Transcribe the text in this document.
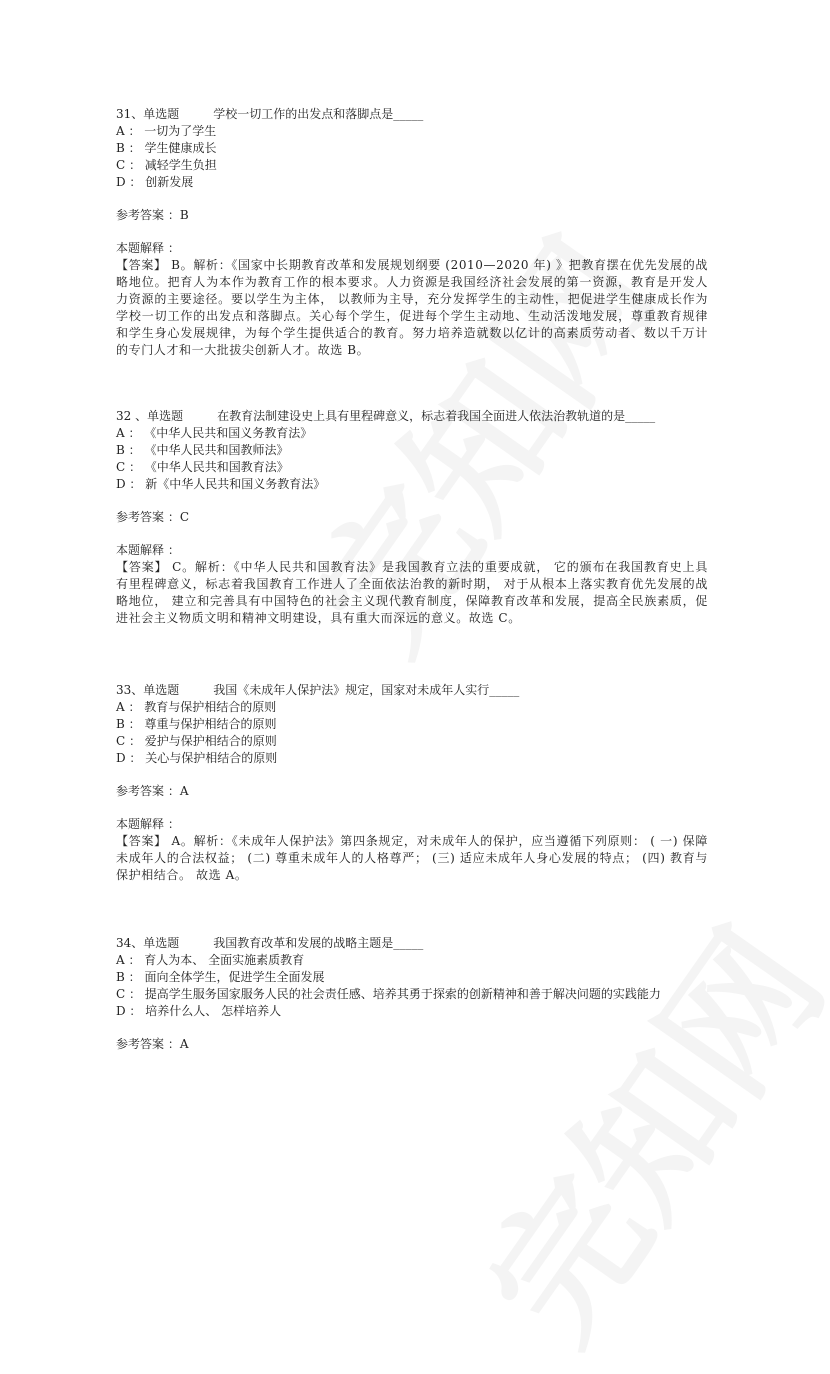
31、单选题	学校一切工作的出发点和落脚点是_____
A ： 一切为了学生
B ： 学生健康成长
C ： 减轻学生负担
D ： 创新发展
参考答案 ：B
本题解释 ：
【答案】 B。解析：《国家中长期教育改革和发展规划纲要 (2010—2020 年) 》把教育摆在优先发展的战略地位。把育人为本作为教育工作的根本要求。人力资源是我国经济社会发展的第一资源，教育是开发人力资源的主要途径。要以学生为主体， 以教师为主导，充分发挥学生的主动性，把促进学生健康成长作为学校一切工作的出发点和落脚点。关心每个学生，促进每个学生主动地、生动活泼地发展，尊重教育规律和学生身心发展规律，为每个学生提供适合的教育。努力培养造就数以亿计的高素质劳动者、数以千万计的专门人才和一大批拔尖创新人才。故选 B。
32 、单选题	在教育法制建设史上具有里程碑意义，标志着我国全面进人依法治教轨道的是_____
A ： 《中华人民共和国义务教育法》
B ： 《中华人民共和国教师法》
C ： 《中华人民共和国教育法》
D ： 新《中华人民共和国义务教育法》
参考答案 ：C
本题解释 ：
【答案】 C。解析：《中华人民共和国教育法》是我国教育立法的重要成就， 它的颁布在我国教育史上具有里程碑意义，标志着我国教育工作进人了全面依法治教的新时期， 对于从根本上落实教育优先发展的战略地位， 建立和完善具有中国特色的社会主义现代教育制度，保障教育改革和发展，提高全民族素质，促进社会主义物质文明和精神文明建设，具有重大而深远的意义。故选 C。
33、单选题	我国《未成年人保护法》规定，国家对未成年人实行_____
A ： 教育与保护相结合的原则
B ： 尊重与保护相结合的原则
C ： 爱护与保护相结合的原则
D ： 关心与保护相结合的原则
参考答案 ：A
本题解释 ：
【答案】 A。解析：《未成年人保护法》第四条规定，对未成年人的保护，应当遵循下列原则： ( 一) 保障未成年人的合法权益； (二) 尊重未成年人的人格尊严； (三) 适应未成年人身心发展的特点； (四) 教育与保护相结合。 故选 A。
34、单选题	我国教育改革和发展的战略主题是_____
A ： 育人为本、 全面实施素质教育
B ： 面向全体学生，促进学生全面发展
C ： 提高学生服务国家服务人民的社会责任感、培养其勇于探索的创新精神和善于解决问题的实践能力
D ： 培养什么人、 怎样培养人
参考答案 ：A
